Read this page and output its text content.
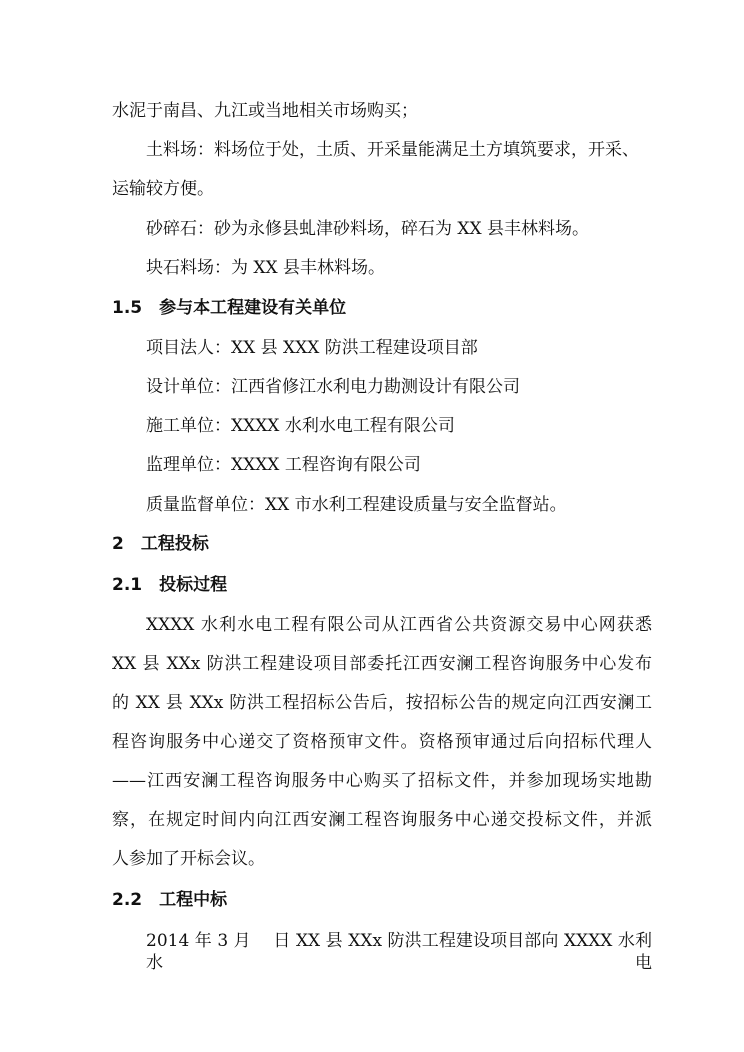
水泥于南昌、九江或当地相关市场购买；
土料场：料场位于处，土质、开采量能满足土方填筑要求，开采、
运输较方便。
砂碎石：砂为永修县虬津砂料场，碎石为 XX 县丰林料场。
块石料场：为 XX 县丰林料场。
1.5　参与本工程建设有关单位
项目法人：XX 县 XXX 防洪工程建设项目部
设计单位：江西省修江水利电力勘测设计有限公司
施工单位：XXXX 水利水电工程有限公司
监理单位：XXXX 工程咨询有限公司
质量监督单位：XX 市水利工程建设质量与安全监督站。
2　工程投标
2.1　投标过程
XXXX 水利水电工程有限公司从江西省公共资源交易中心网获悉
XX 县 XXx 防洪工程建设项目部委托江西安澜工程咨询服务中心发布
的 XX 县 XXx 防洪工程招标公告后，按招标公告的规定向江西安澜工
程咨询服务中心递交了资格预审文件。资格预审通过后向招标代理人
——江西安澜工程咨询服务中心购买了招标文件，并参加现场实地勘
察，在规定时间内向江西安澜工程咨询服务中心递交投标文件，并派
人参加了开标会议。
2.2　工程中标
2014 年 3 月　 日 XX 县 XXx 防洪工程建设项目部向 XXXX 水利水电
